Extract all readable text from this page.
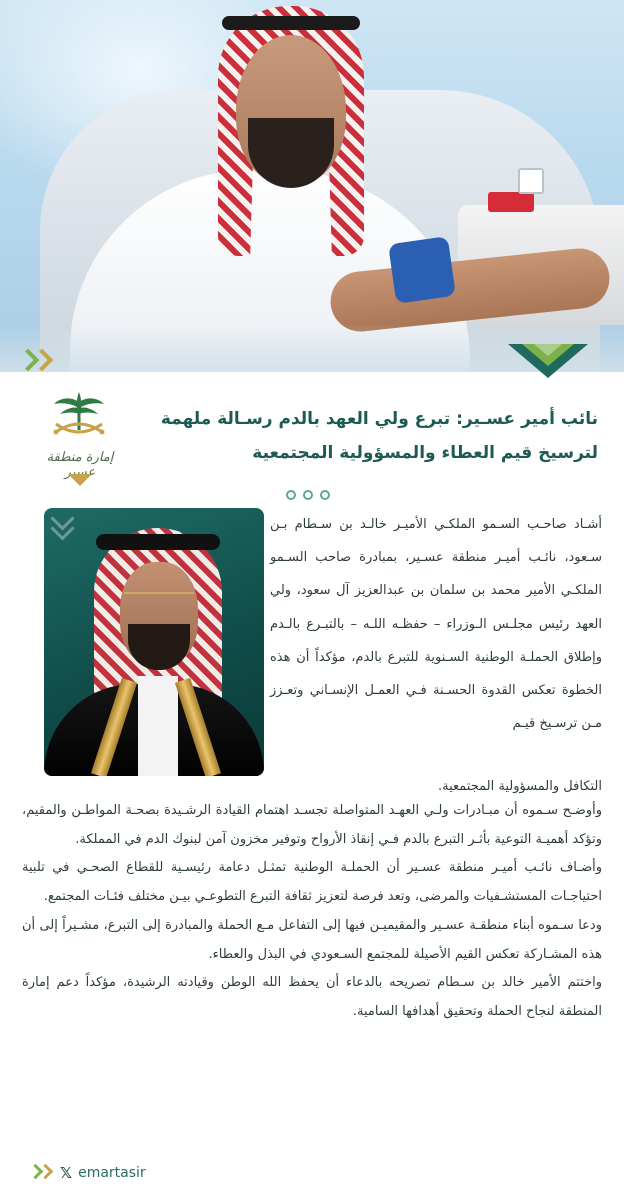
إمارة منطقة عسير
نائب أمير عسـير: تبرع ولي العهد بالدم رسـالة ملهمة
لترسيخ قيم العطاء والمسؤولية المجتمعية

أشـاد صاحـب السـمو الملكـي الأميـر خالـد بن سـطام بـن سـعود، نائـب أميـر منطقة عسـير، بمبادرة صاحب السـمو الملكـي الأمير محمد بن سلمان بن عبدالعزيز آل سعود، ولي العهد رئيس مجلـس الـوزراء – حفظـه اللـه – بالتبـرع بالـدم وإطلاق الحملـة الوطنية السـنوية للتبرع بالدم، مؤكداً أن هذه الخطوة تعكس القدوة الحسـنة فـي العمـل الإنسـاني وتعـزز مـن ترسـيخ قيـم

التكافل والمسؤولية المجتمعية.

وأوضـح سـموه أن مبـادرات ولـي العهـد المتواصلة تجسـد اهتمام القيادة الرشـيدة بصحـة المواطـن والمقيم، وتؤكد أهميـة التوعية بأثـر التبرع بالدم فـي إنقاذ الأرواح وتوفير مخزون آمن لبنوك الدم في المملكة.

وأضـاف نائـب أميـر منطقة عسـير أن الحملـة الوطنية تمثـل دعامة رئيسـية للقطاع الصحـي في تلبية احتياجـات المستشـفيات والمرضى، وتعد فرصة لتعزيز ثقافة التبرع التطوعـي بيـن مختلف فئـات المجتمع.

ودعا سـموه أبناء منطقـة عسـير والمقيميـن فيها إلى التفاعل مـع الحملة والمبادرة إلى التبرع، مشـيراً إلى أن هذه المشـاركة تعكس القيم الأصيلة للمجتمع السـعودي في البذل والعطاء.

واختتم الأمير خالد بن سـطام تصريحه بالدعاء أن يحفظ الله الوطن وقيادته الرشيدة، مؤكداً دعم إمارة المنطقة لنجاح الحملة وتحقيق أهدافها السامية.

𝕏 emartasir
